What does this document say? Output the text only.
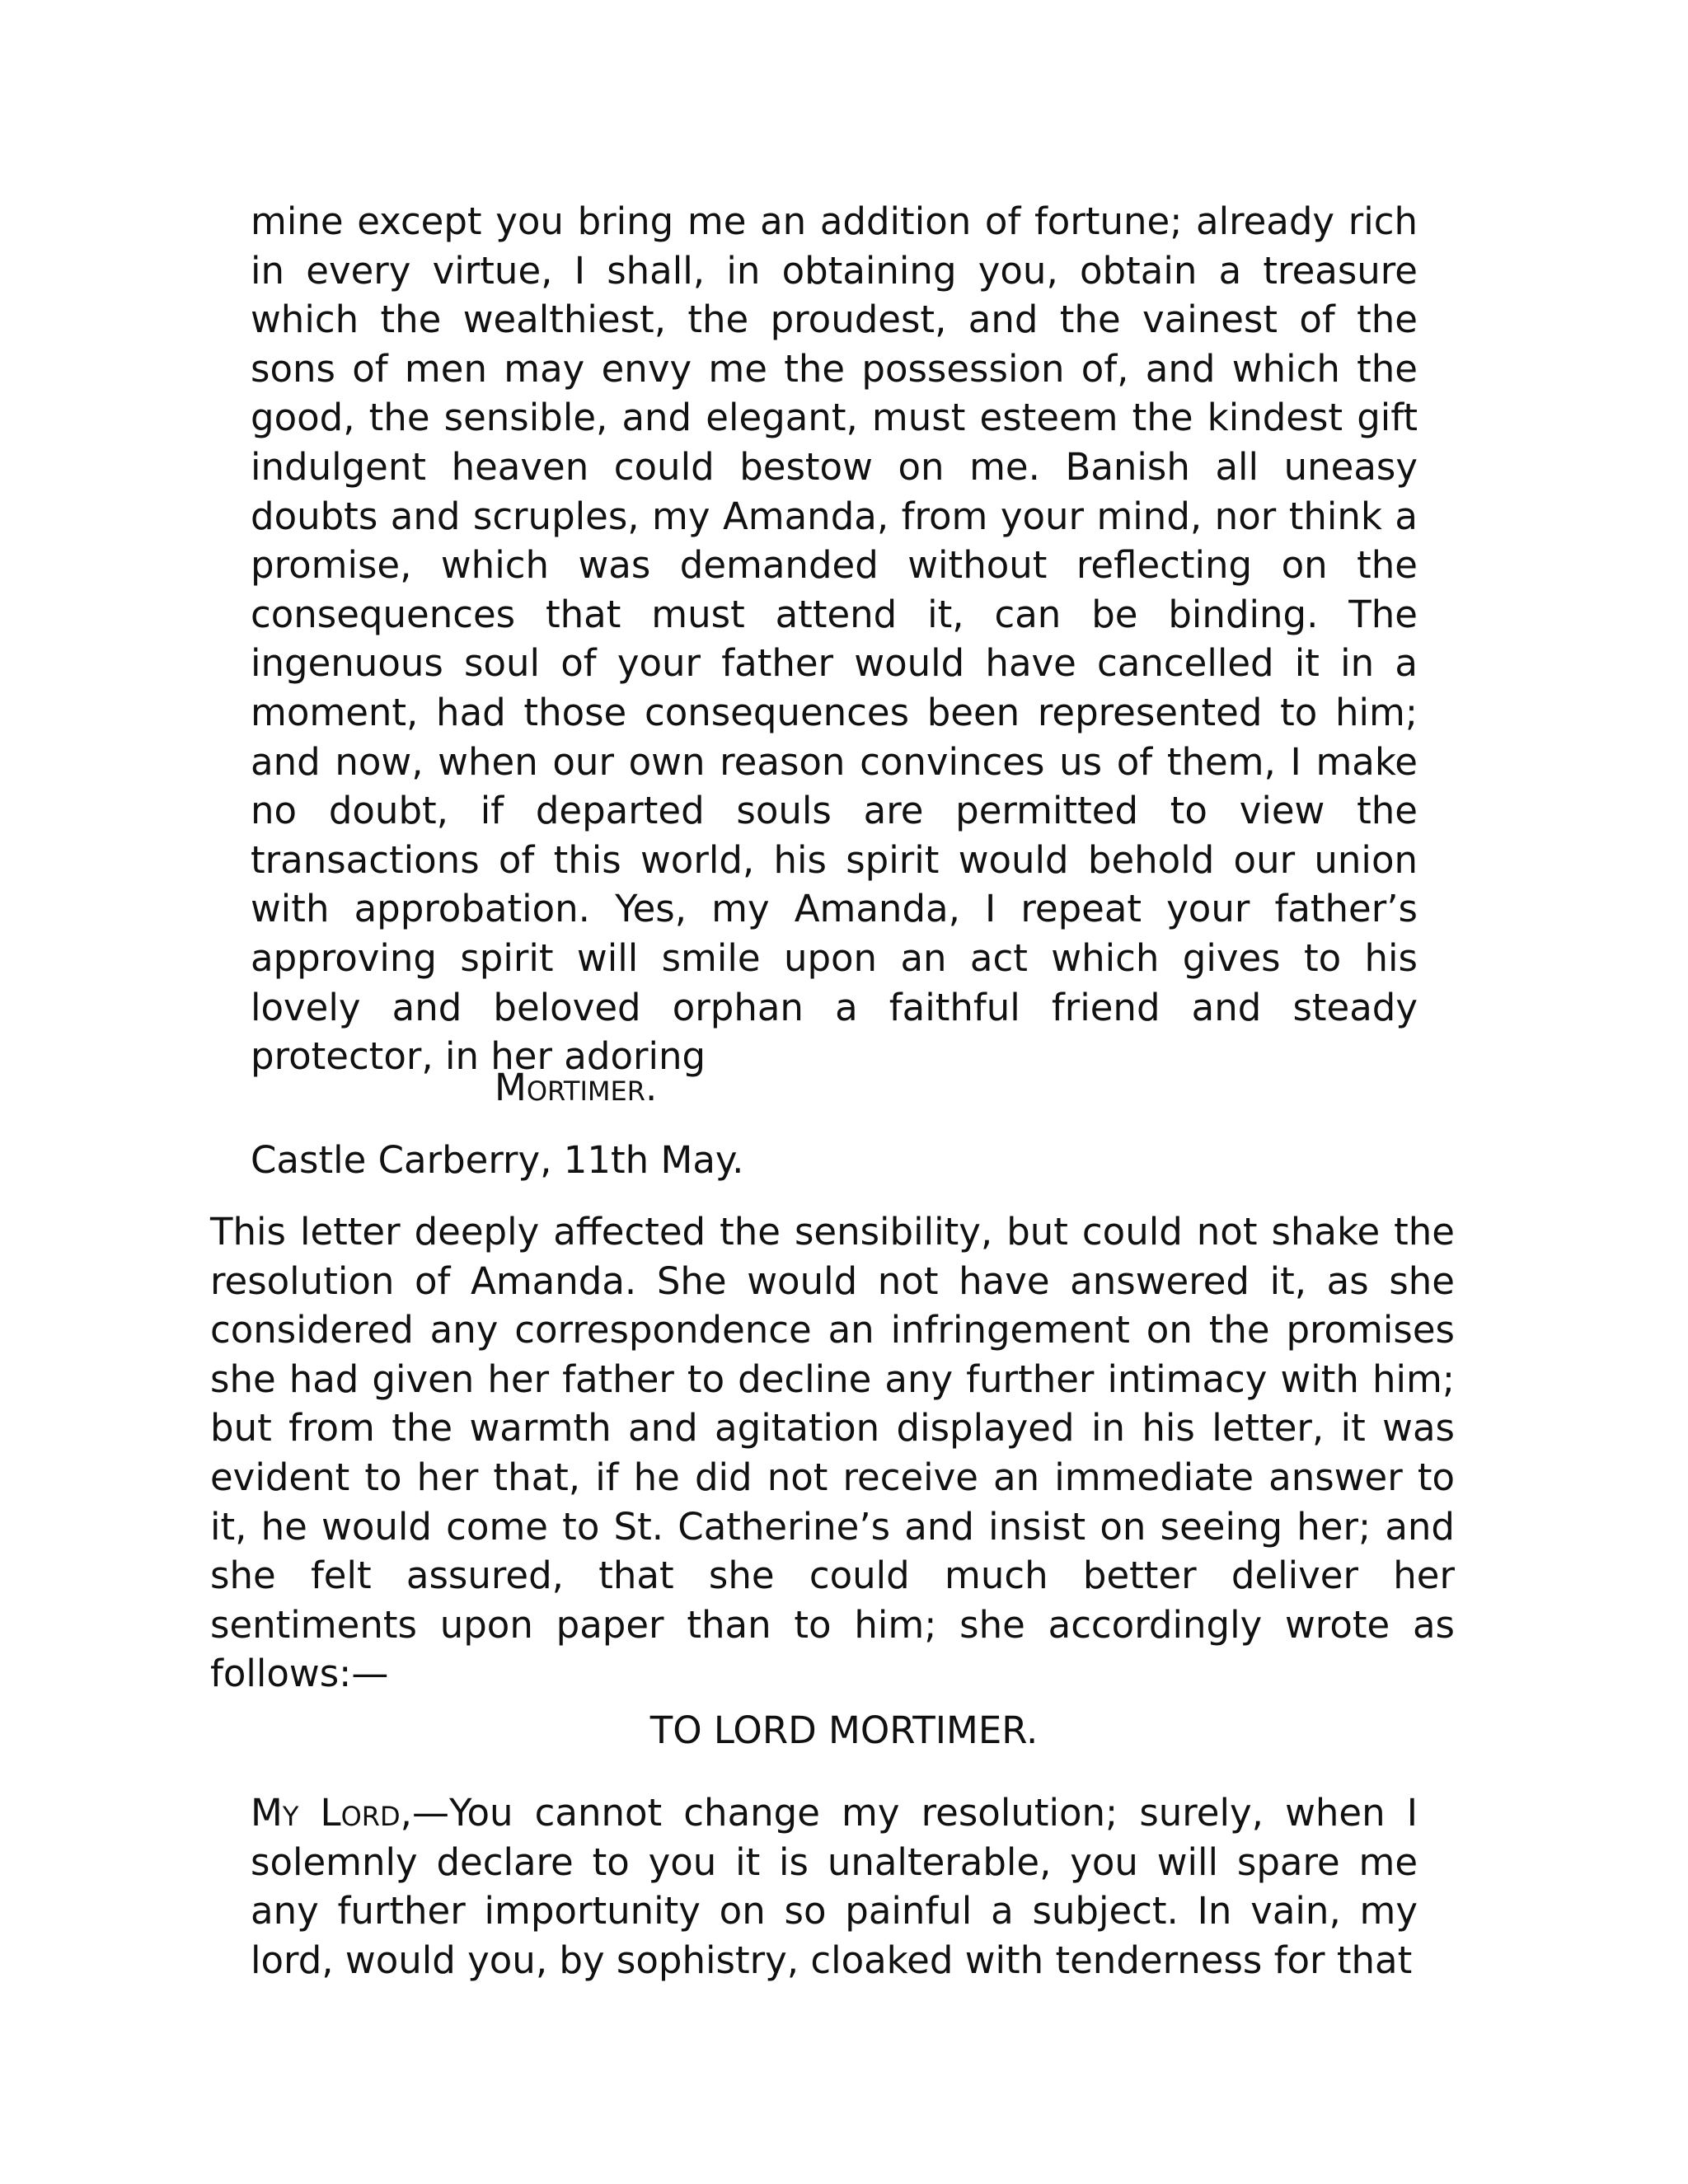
mine except you bring me an addition of fortune; already rich in every virtue, I shall, in obtaining you, obtain a treasure which the wealthiest, the proudest, and the vainest of the sons of men may envy me the possession of, and which the good, the sensible, and elegant, must esteem the kindest gift indulgent heaven could bestow on me. Banish all uneasy doubts and scruples, my Amanda, from your mind, nor think a promise, which was demanded without reflecting on the consequences that must attend it, can be binding. The ingenuous soul of your father would have cancelled it in a moment, had those consequences been represented to him; and now, when our own reason convinces us of them, I make no doubt, if departed souls are permitted to view the transactions of this world, his spirit would behold our union with approbation. Yes, my Amanda, I repeat your father’s approving spirit will smile upon an act which gives to his lovely and beloved orphan a faithful friend and steady protector, in her adoring

Mortimer.

Castle Carberry, 11th May.

This letter deeply affected the sensibility, but could not shake the resolution of Amanda. She would not have answered it, as she considered any correspondence an infringement on the promises she had given her father to decline any further intimacy with him; but from the warmth and agitation displayed in his letter, it was evident to her that, if he did not receive an immediate answer to it, he would come to St. Catherine’s and insist on seeing her; and she felt assured, that she could much better deliver her sentiments upon paper than to him; she accordingly wrote as follows:—

TO LORD MORTIMER.

My Lord,—You cannot change my resolution; surely, when I solemnly declare to you it is unalterable, you will spare me any further importunity on so painful a subject. In vain, my lord, would you, by sophistry, cloaked with tenderness for that
